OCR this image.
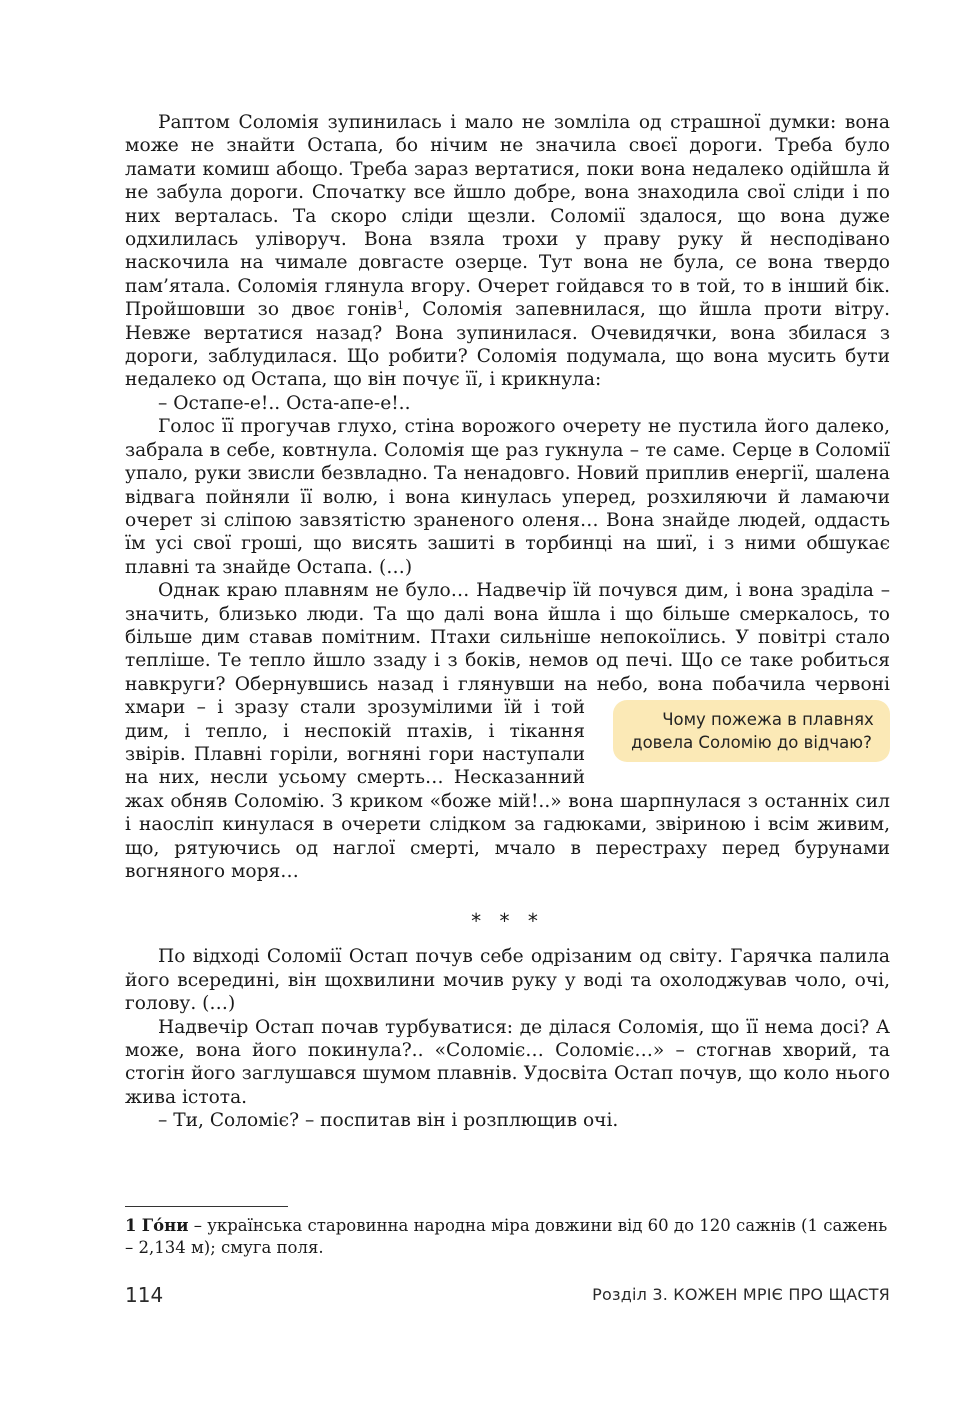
Раптом Соломія зупинилась і мало не зомліла од страшної думки: вона може не знайти Остапа, бо нічим не значила своєї дороги. Треба було ламати комиш абощо. Треба зараз вертатися, поки вона недалеко одійшла й не забула дороги. Спочатку все йшло добре, вона знаходила свої сліди і по них верталась. Та скоро сліди щезли. Соломії здалося, що вона дуже одхилилась уліворуч. Вона взяла трохи у праву руку й несподівано наскочила на чимале довгасте озерце. Тут вона не була, се вона твердо пам’ятала. Соломія глянула вгору. Очерет гойдався то в той, то в інший бік. Пройшовши зо двоє гонів$^1$, Соломія запевнилася, що йшла проти вітру. Невже вертатися назад? Вона зупинилася. Очевидячки, вона збилася з дороги, заблудилася. Що робити? Соломія подумала, що вона мусить бути недалеко од Остапа, що він почує її, і крикнула:

– Остапе-е!.. Оста-апе-е!..

Голос її прогучав глухо, стіна ворожого очерету не пустила його далеко, забрала в себе, ковтнула. Соломія ще раз гукнула – те саме. Серце в Соломії упало, руки звисли безвладно. Та ненадовго. Новий приплив енергії, шалена відвага пойняли її волю, і вона кинулась уперед, розхиляючи й ламаючи очерет зі сліпою завзятістю зраненого оленя… Вона знайде людей, оддасть їм усі свої гроші, що висять зашиті в торбинці на шиї, і з ними обшукає плавні та знайде Остапа. (…)

Однак краю плавням не було… Надвечір їй почувся дим, і вона зраділа – значить, близько люди. Та що далі вона йшла і що більше смеркалось, то більше дим ставав помітним. Птахи сильніше непокоїлись. У повітрі стало тепліше. Те тепло йшло ззаду і з боків, немов од печі. Що се таке робиться навкруги? Обернувшись назад і глянувши на небо, вона побачила червоні хмари – і зразу стали зрозумілими їй і той
Чому пожежа в плавнях довела Соломію до відчаю?
дим, і тепло, і неспокій птахів, і тікання звірів. Плавні горіли, вогняні гори наступали на них, несли усьому смерть… Несказанний жах обняв Соломію. З криком «боже мій!..» вона шарпнулася з останніх сил і наосліп кинулася в очерети слідком за гадюками, звіриною і всім живим, що, рятуючись од наглої смерті, мчало в перестраху перед бурунами вогняного моря…

* * *

По відході Соломії Остап почув себе одрізаним од світу. Гарячка палила його всередині, він щохвилини мочив руку у воді та охолоджував чоло, очі, голову. (…)

Надвечір Остап почав турбуватися: де ділася Соломія, що її нема досі? А може, вона його покинула?.. «Соломіє… Соломіє…» – стогнав хворий, та стогін його заглушався шумом плавнів. Удосвіта Остап почув, що коло нього жива істота.

– Ти, Соломіє? – поспитав він і розплющив очі.

1 Го́ни – українська старовинна народна міра довжини від 60 до 120 сажнів (1 сажень – 2,134 м); смуга поля.

114	Розділ 3. КОЖЕН МРІЄ ПРО ЩАСТЯ
